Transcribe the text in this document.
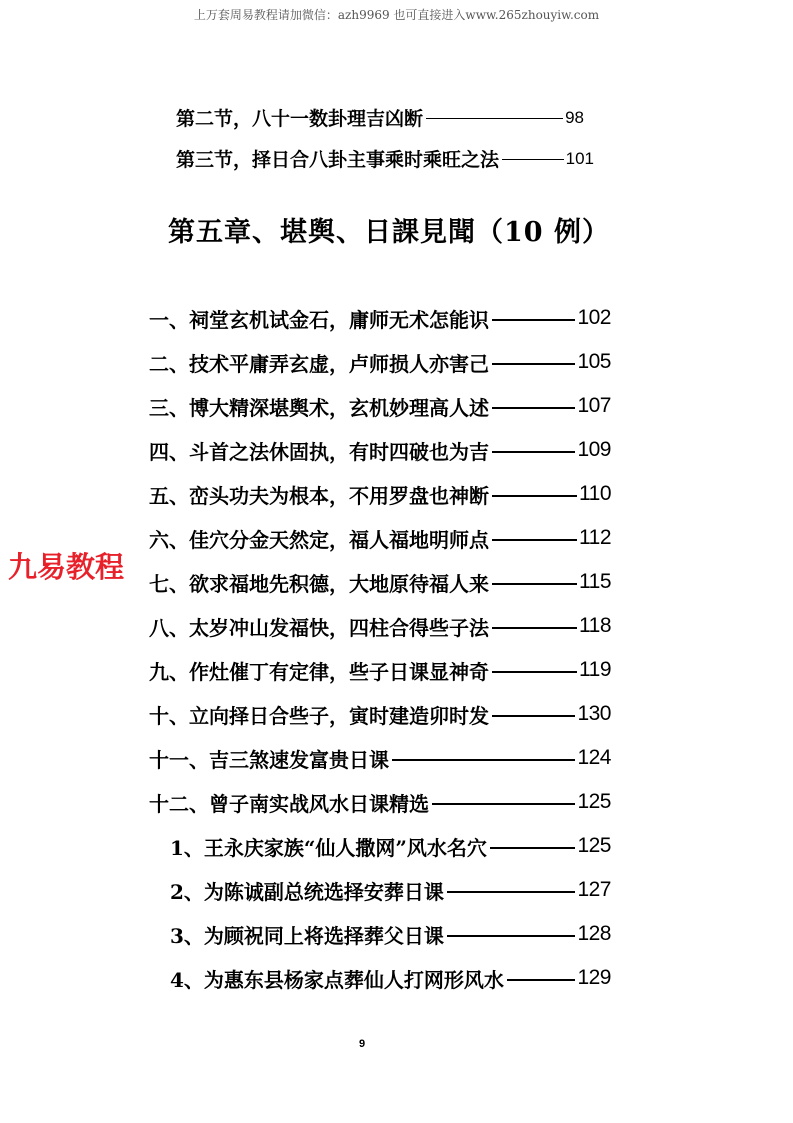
上万套周易教程请加微信：azh9969 也可直接进入www.265zhouyiw.com
第二节，八十一数卦理吉凶断	98
第三节，择日合八卦主事乘时乘旺之法	101
第五章、堪舆、日課見聞（10 例）
一、祠堂玄机试金石，庸师无术怎能识	102
二、技术平庸弄玄虚，卢师损人亦害己	105
三、博大精深堪舆术，玄机妙理高人述	107
四、斗首之法休固执，有时四破也为吉	109
五、峦头功夫为根本，不用罗盘也神断	110
六、佳穴分金天然定，福人福地明师点	112
七、欲求福地先积德，大地原待福人来	115
八、太岁冲山发福快，四柱合得些子法	118
九、作灶催丁有定律，些子日课显神奇	119
十、立向择日合些子，寅时建造卯时发	130
十一、吉三煞速发富贵日课	124
十二、曾子南实战风水日课精选	125
1、王永庆家族“仙人撒网”风水名穴	125
2、为陈诚副总统选择安葬日课	127
3、为顾祝同上将选择葬父日课	128
4、为惠东县杨家点葬仙人打网形风水	129
九易教程
9
